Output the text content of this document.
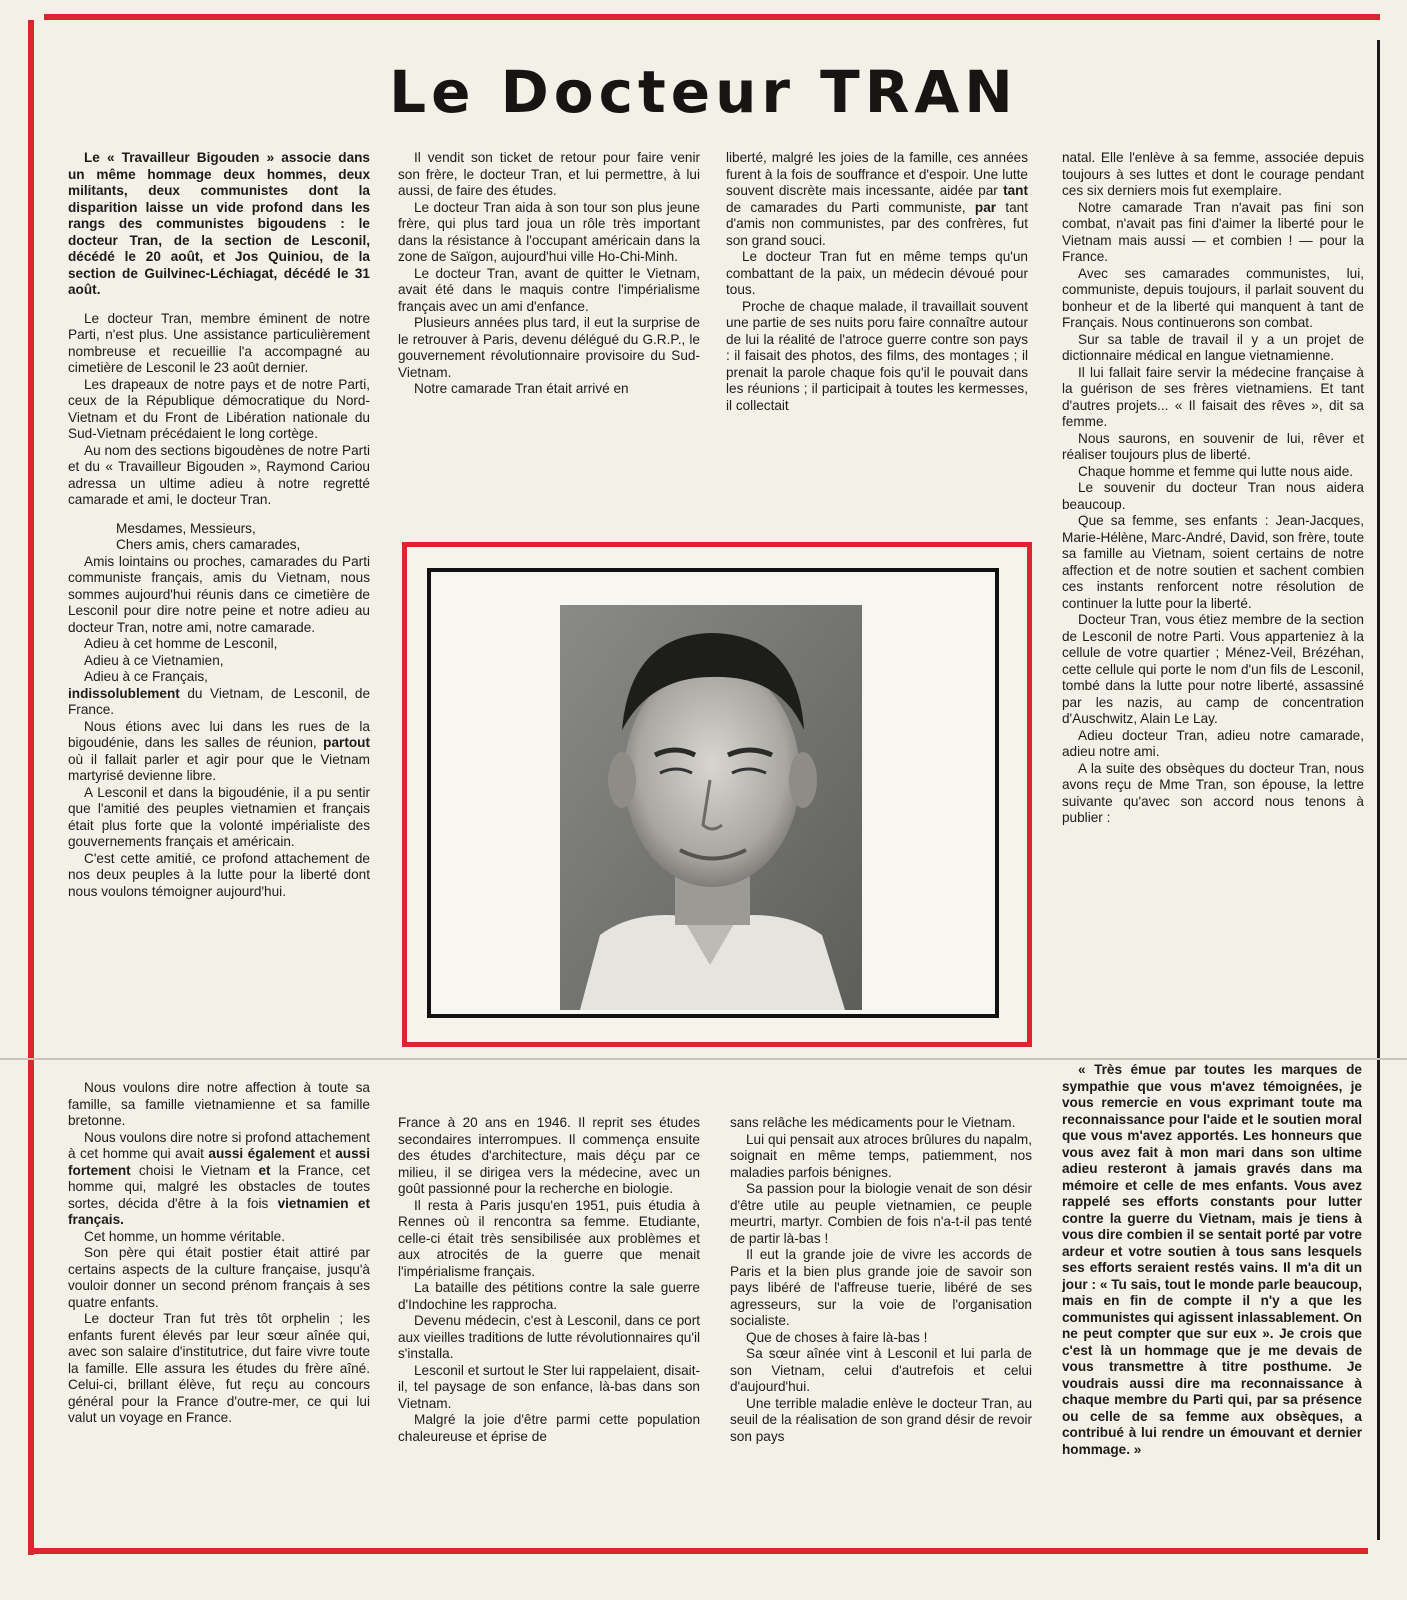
Le Docteur TRAN

Le « Travailleur Bigouden » associe dans un même hommage deux hommes, deux militants, deux communistes dont la disparition laisse un vide profond dans les rangs des communistes bigoudens : le docteur Tran, de la section de Lesconil, décédé le 20 août, et Jos Quiniou, de la section de Guilvinec-Léchiagat, décédé le 31 août.

Le docteur Tran, membre éminent de notre Parti, n'est plus. Une assistance particulièrement nombreuse et recueillie l'a accompagné au cimetière de Lesconil le 23 août dernier.

Les drapeaux de notre pays et de notre Parti, ceux de la République démocratique du Nord-Vietnam et du Front de Libération nationale du Sud-Vietnam précédaient le long cortège.

Au nom des sections bigoudènes de notre Parti et du « Travailleur Bigouden », Raymond Cariou adressa un ultime adieu à notre regretté camarade et ami, le docteur Tran.

Mesdames, Messieurs,

Chers amis, chers camarades,

Amis lointains ou proches, camarades du Parti communiste français, amis du Vietnam, nous sommes aujourd'hui réunis dans ce cimetière de Lesconil pour dire notre peine et notre adieu au docteur Tran, notre ami, notre camarade.

Adieu à cet homme de Lesconil,

Adieu à ce Vietnamien,

Adieu à ce Français,
indissolublement du Vietnam, de Lesconil, de France.

Nous étions avec lui dans les rues de la bigoudénie, dans les salles de réunion, partout où il fallait parler et agir pour que le Vietnam martyrisé devienne libre.

A Lesconil et dans la bigoudénie, il a pu sentir que l'amitié des peuples vietnamien et français était plus forte que la volonté impérialiste des gouvernements français et américain.

C'est cette amitié, ce profond attachement de nos deux peuples à la lutte pour la liberté dont nous voulons témoigner aujourd'hui.

Nous voulons dire notre affection à toute sa famille, sa famille vietnamienne et sa famille bretonne.

Nous voulons dire notre si profond attachement à cet homme qui avait aussi également et aussi fortement choisi le Vietnam et la France, cet homme qui, malgré les obstacles de toutes sortes, décida d'être à la fois vietnamien et français.

Cet homme, un homme véritable.

Son père qui était postier était attiré par certains aspects de la culture française, jusqu'à vouloir donner un second prénom français à ses quatre enfants.

Le docteur Tran fut très tôt orphelin ; les enfants furent élevés par leur sœur aînée qui, avec son salaire d'institutrice, dut faire vivre toute la famille. Elle assura les études du frère aîné. Celui-ci, brillant élève, fut reçu au concours général pour la France d'outre-mer, ce qui lui valut un voyage en France.

Il vendit son ticket de retour pour faire venir son frère, le docteur Tran, et lui permettre, à lui aussi, de faire des études.

Le docteur Tran aida à son tour son plus jeune frère, qui plus tard joua un rôle très important dans la résistance à l'occupant américain dans la zone de Saïgon, aujourd'hui ville Ho-Chi-Minh.

Le docteur Tran, avant de quitter le Vietnam, avait été dans le maquis contre l'impérialisme français avec un ami d'enfance.

Plusieurs années plus tard, il eut la surprise de le retrouver à Paris, devenu délégué du G.R.P., le gouvernement révolutionnaire provisoire du Sud-Vietnam.

Notre camarade Tran était arrivé en

liberté, malgré les joies de la famille, ces années furent à la fois de souffrance et d'espoir. Une lutte souvent discrète mais incessante, aidée par tant de camarades du Parti communiste, par tant d'amis non communistes, par des confrères, fut son grand souci.

Le docteur Tran fut en même temps qu'un combattant de la paix, un médecin dévoué pour tous.

Proche de chaque malade, il travaillait souvent une partie de ses nuits poru faire connaître autour de lui la réalité de l'atroce guerre contre son pays : il faisait des photos, des films, des montages ; il prenait la parole chaque fois qu'il le pouvait dans les réunions ; il participait à toutes les kermesses, il collectait

natal. Elle l'enlève à sa femme, associée depuis toujours à ses luttes et dont le courage pendant ces six derniers mois fut exemplaire.

Notre camarade Tran n'avait pas fini son combat, n'avait pas fini d'aimer la liberté pour le Vietnam mais aussi — et combien ! — pour la France.

Avec ses camarades communistes, lui, communiste, depuis toujours, il parlait souvent du bonheur et de la liberté qui manquent à tant de Français. Nous continuerons son combat.

Sur sa table de travail il y a un projet de dictionnaire médical en langue vietnamienne.

Il lui fallait faire servir la médecine française à la guérison de ses frères vietnamiens. Et tant d'autres projets... « Il faisait des rêves », dit sa femme.

Nous saurons, en souvenir de lui, rêver et réaliser toujours plus de liberté.

Chaque homme et femme qui lutte nous aide.

Le souvenir du docteur Tran nous aidera beaucoup.

Que sa femme, ses enfants : Jean-Jacques, Marie-Hélène, Marc-André, David, son frère, toute sa famille au Vietnam, soient certains de notre affection et de notre soutien et sachent combien ces instants renforcent notre résolution de continuer la lutte pour la liberté.

Docteur Tran, vous étiez membre de la section de Lesconil de notre Parti. Vous apparteniez à la cellule de votre quartier ; Ménez-Veil, Brézéhan, cette cellule qui porte le nom d'un fils de Lesconil, tombé dans la lutte pour notre liberté, assassiné par les nazis, au camp de concentration d'Auschwitz, Alain Le Lay.

Adieu docteur Tran, adieu notre camarade, adieu notre ami.

A la suite des obsèques du docteur Tran, nous avons reçu de Mme Tran, son épouse, la lettre suivante qu'avec son accord nous tenons à publier :

« Très émue par toutes les marques de sympathie que vous m'avez témoignées, je vous remercie en vous exprimant toute ma reconnaissance pour l'aide et le soutien moral que vous m'avez apportés. Les honneurs que vous avez fait à mon mari dans son ultime adieu resteront à jamais gravés dans ma mémoire et celle de mes enfants. Vous avez rappelé ses efforts constants pour lutter contre la guerre du Vietnam, mais je tiens à vous dire combien il se sentait porté par votre ardeur et votre soutien à tous sans lesquels ses efforts seraient restés vains. Il m'a dit un jour : « Tu sais, tout le monde parle beaucoup, mais en fin de compte il n'y a que les communistes qui agissent inlassablement. On ne peut compter que sur eux ». Je crois que c'est là un hommage que je me devais de vous transmettre à titre posthume. Je voudrais aussi dire ma reconnaissance à chaque membre du Parti qui, par sa présence ou celle de sa femme aux obsèques, a contribué à lui rendre un émouvant et dernier hommage. »

France à 20 ans en 1946. Il reprit ses études secondaires interrompues. Il commença ensuite des études d'architecture, mais déçu par ce milieu, il se dirigea vers la médecine, avec un goût passionné pour la recherche en biologie.

Il resta à Paris jusqu'en 1951, puis étudia à Rennes où il rencontra sa femme. Etudiante, celle-ci était très sensibilisée aux problèmes et aux atrocités de la guerre que menait l'impérialisme français.

La bataille des pétitions contre la sale guerre d'Indochine les rapprocha.

Devenu médecin, c'est à Lesconil, dans ce port aux vieilles traditions de lutte révolutionnaires qu'il s'installa.

Lesconil et surtout le Ster lui rappelaient, disait-il, tel paysage de son enfance, là-bas dans son Vietnam.

Malgré la joie d'être parmi cette population chaleureuse et éprise de

sans relâche les médicaments pour le Vietnam.

Lui qui pensait aux atroces brûlures du napalm, soignait en même temps, patiemment, nos maladies parfois bénignes.

Sa passion pour la biologie venait de son désir d'être utile au peuple vietnamien, ce peuple meurtri, martyr. Combien de fois n'a-t-il pas tenté de partir là-bas !

Il eut la grande joie de vivre les accords de Paris et la bien plus grande joie de savoir son pays libéré de l'affreuse tuerie, libéré de ses agresseurs, sur la voie de l'organisation socialiste.

Que de choses à faire là-bas !

Sa sœur aînée vint à Lesconil et lui parla de son Vietnam, celui d'autrefois et celui d'aujourd'hui.

Une terrible maladie enlève le docteur Tran, au seuil de la réalisation de son grand désir de revoir son pays
